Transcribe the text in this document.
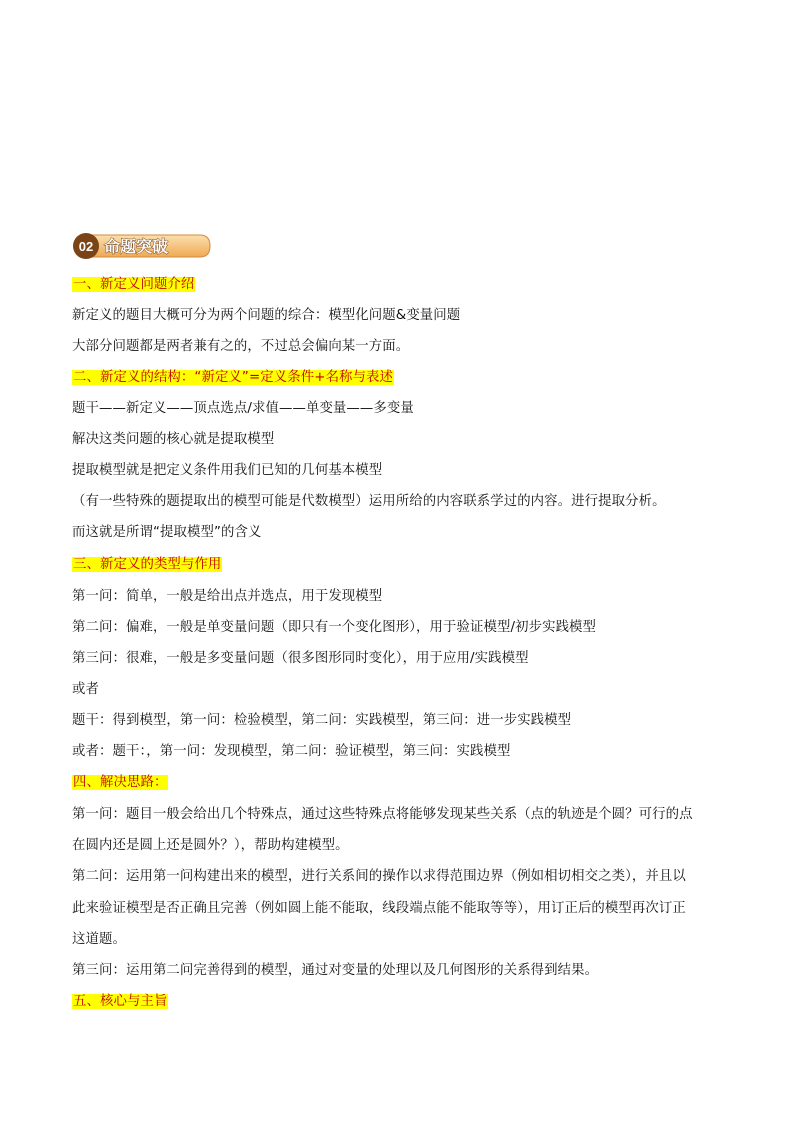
02 命题突破
一、新定义问题介绍
新定义的题目大概可分为两个问题的综合：模型化问题&变量问题
大部分问题都是两者兼有之的，不过总会偏向某一方面。
二、新定义的结构：“新定义”=定义条件+名称与表述
题干——新定义——顶点选点/求值——单变量——多变量
解决这类问题的核心就是提取模型
提取模型就是把定义条件用我们已知的几何基本模型
（有一些特殊的题提取出的模型可能是代数模型）运用所给的内容联系学过的内容。进行提取分析。
而这就是所谓“提取模型”的含义
三、新定义的类型与作用
第一问：简单，一般是给出点并选点，用于发现模型
第二问：偏难，一般是单变量问题（即只有一个变化图形），用于验证模型/初步实践模型
第三问：很难，一般是多变量问题（很多图形同时变化），用于应用/实践模型
或者
题干：得到模型，第一问：检验模型，第二问：实践模型，第三问：进一步实践模型
或者：题干：，第一问：发现模型，第二问：验证模型，第三问：实践模型
四、解决思路：
第一问：题目一般会给出几个特殊点，通过这些特殊点将能够发现某些关系（点的轨迹是个圆？可行的点
在圆内还是圆上还是圆外？），帮助构建模型。
第二问：运用第一问构建出来的模型，进行关系间的操作以求得范围边界（例如相切相交之类），并且以
此来验证模型是否正确且完善（例如圆上能不能取，线段端点能不能取等等），用订正后的模型再次订正
这道题。
第三问：运用第二问完善得到的模型，通过对变量的处理以及几何图形的关系得到结果。
五、核心与主旨
